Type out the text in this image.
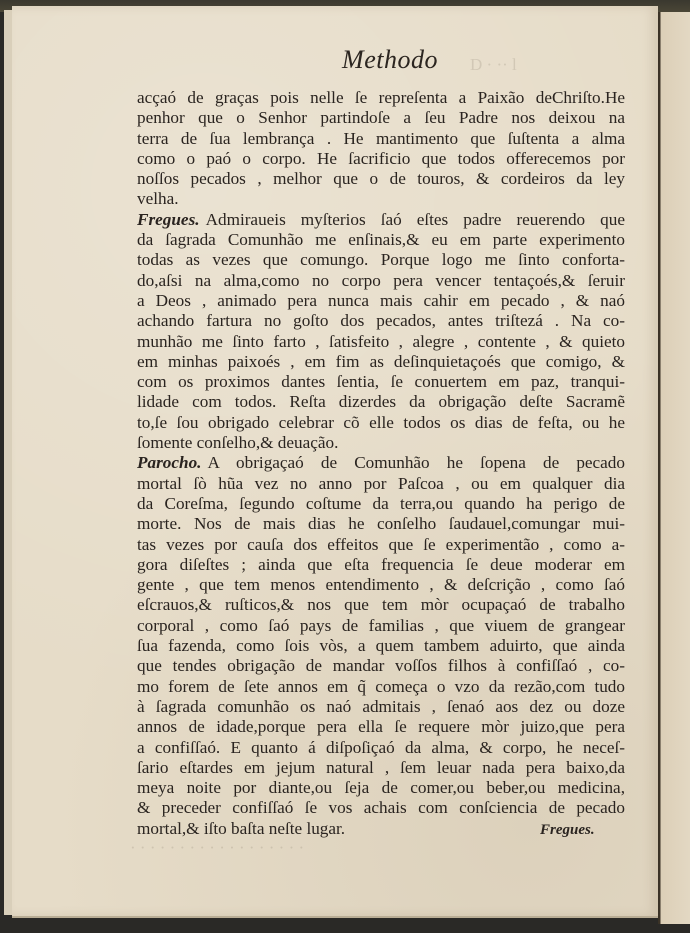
Methodo
acçaó de graças pois nelle ſe repreſenta a Paixão deChriſto.He
penhor que o Senhor partindoſe a ſeu Padre nos deixou na
terra de ſua lembrança . He mantimento que ſuſtenta a alma
como o paó o corpo. He ſacrificio que todos offerecemos por
noſſos pecados , melhor que o de touros, & cordeiros da ley
velha.
Fregues. Admiraueis myſterios ſaó eſtes padre reuerendo que
da ſagrada Comunhão me enſinais,& eu em parte experimento
todas as vezes que comungo. Porque logo me ſinto conforta-
do,aſsi na alma,como no corpo pera vencer tentaçoés,& ſeruir
a Deos , animado pera nunca mais cahir em pecado , & naó
achando fartura no goſto dos pecados, antes triſtezá . Na co-
munhão me ſinto farto , ſatisfeito , alegre , contente , & quieto
em minhas paixoés , em fim as deſinquietaçoés que comigo, &
com os proximos dantes ſentia, ſe conuertem em paz, tranqui-
lidade com todos. Reſta dizerdes da obrigação deſte Sacramẽ
to,ſe ſou obrigado celebrar cõ elle todos os dias de feſta, ou he
ſomente conſelho,& deuação.
Parocho. A obrigaçaó de Comunhão he ſopena de pecado
mortal ſò hũa vez no anno por Paſcoa , ou em qualquer dia
da Coreſma, ſegundo coſtume da terra,ou quando ha perigo de
morte. Nos de mais dias he conſelho ſaudauel,comungar mui-
tas vezes por cauſa dos effeitos que ſe experimentão , como a-
gora diſeſtes ; ainda que eſta frequencia ſe deue moderar em
gente , que tem menos entendimento , & deſcrição , como ſaó
eſcrauos,& ruſticos,& nos que tem mòr ocupaçaó de trabalho
corporal , como ſaó pays de familias , que viuem de grangear
ſua fazenda, como ſois vòs, a quem tambem aduirto, que ainda
que tendes obrigação de mandar voſſos filhos à confiſſaó , co-
mo forem de ſete annos em q̃ começa o vzo da rezão,com tudo
à ſagrada comunhão os naó admitais , ſenaó aos dez ou doze
annos de idade,porque pera ella ſe requere mòr juizo,que pera
a confiſſaó. E quanto á diſpoſiçaó da alma, & corpo, he neceſ-
ſario eſtardes em jejum natural , ſem leuar nada pera baixo,da
meya noite por diante,ou ſeja de comer,ou beber,ou medicina,
& preceder confiſſaó ſe vos achais com conſciencia de pecado
mortal,& iſto baſta neſte lugar.	Fregues.
